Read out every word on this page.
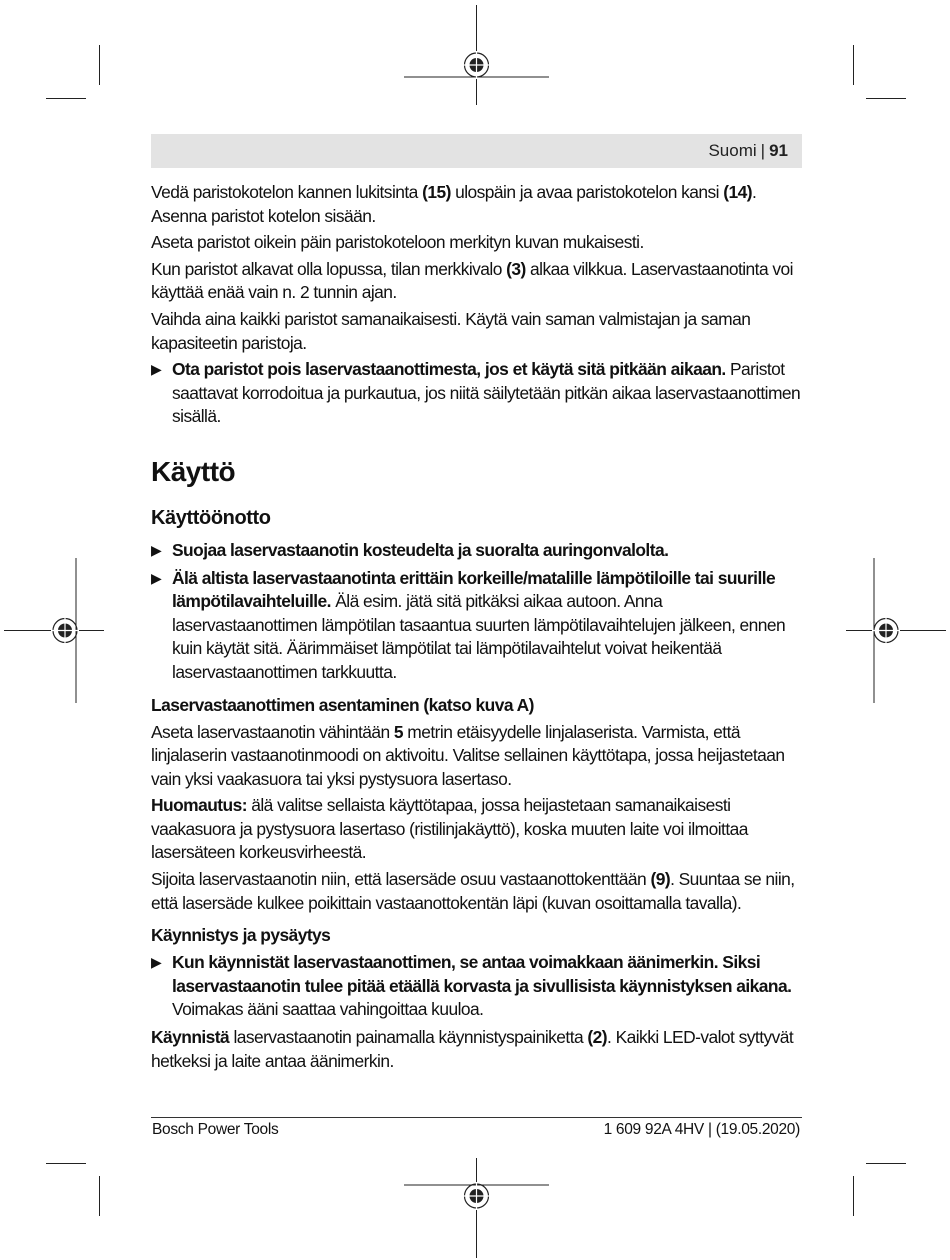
Suomi | 91

Vedä paristokotelon kannen lukitsinta (15) ulospäin ja avaa paristokotelon kansi (14). Asenna paristot kotelon sisään.

Aseta paristot oikein päin paristokoteloon merkityn kuvan mukaisesti.

Kun paristot alkavat olla lopussa, tilan merkkivalo (3) alkaa vilkkua. Laservastaanotinta voi käyttää enää vain n. 2 tunnin ajan.

Vaihda aina kaikki paristot samanaikaisesti. Käytä vain saman valmistajan ja saman kapasiteetin paristoja.

▶ Ota paristot pois laservastaanottimesta, jos et käytä sitä pitkään aikaan. Paristot saattavat korrodoitua ja purkautua, jos niitä säilytetään pitkän aikaa laservastaanottimen sisällä.
Käyttö
Käyttöönotto
▶ Suojaa laservastaanotin kosteudelta ja suoralta auringonvalolta.
▶ Älä altista laservastaanotinta erittäin korkeille/matalille lämpötiloille tai suurille lämpötilavaihteluille. Älä esim. jätä sitä pitkäksi aikaa autoon. Anna laservastaanottimen lämpötilan tasaantua suurten lämpötilavaihtelujen jälkeen, ennen kuin käytät sitä. Äärimmäiset lämpötilat tai lämpötilavaihtelut voivat heikentää laservastaanottimen tarkkuutta.
Laservastaanottimen asentaminen (katso kuva A)

Aseta laservastaanotin vähintään 5 metrin etäisyydelle linjalaserista. Varmista, että linjalaserin vastaanotinmoodi on aktivoitu. Valitse sellainen käyttötapa, jossa heijastetaan vain yksi vaakasuora tai yksi pystysuora lasertaso.

Huomautus: älä valitse sellaista käyttötapaa, jossa heijastetaan samanaikaisesti vaakasuora ja pystysuora lasertaso (ristilinjakäyttö), koska muuten laite voi ilmoittaa lasersäteen korkeusvirheestä.

Sijoita laservastaanotin niin, että lasersäde osuu vastaanottokenttään (9). Suuntaa se niin, että lasersäde kulkee poikittain vastaanottokentän läpi (kuvan osoittamalla tavalla).

Käynnistys ja pysäytys
▶ Kun käynnistät laservastaanottimen, se antaa voimakkaan äänimerkin. Siksi laservastaanotin tulee pitää etäällä korvasta ja sivullisista käynnistyksen aikana. Voimakas ääni saattaa vahingoittaa kuuloa.

Käynnistä laservastaanotin painamalla käynnistyspainiketta (2). Kaikki LED-valot syttyvät hetkeksi ja laite antaa äänimerkin.

Bosch Power Tools	1 609 92A 4HV | (19.05.2020)
